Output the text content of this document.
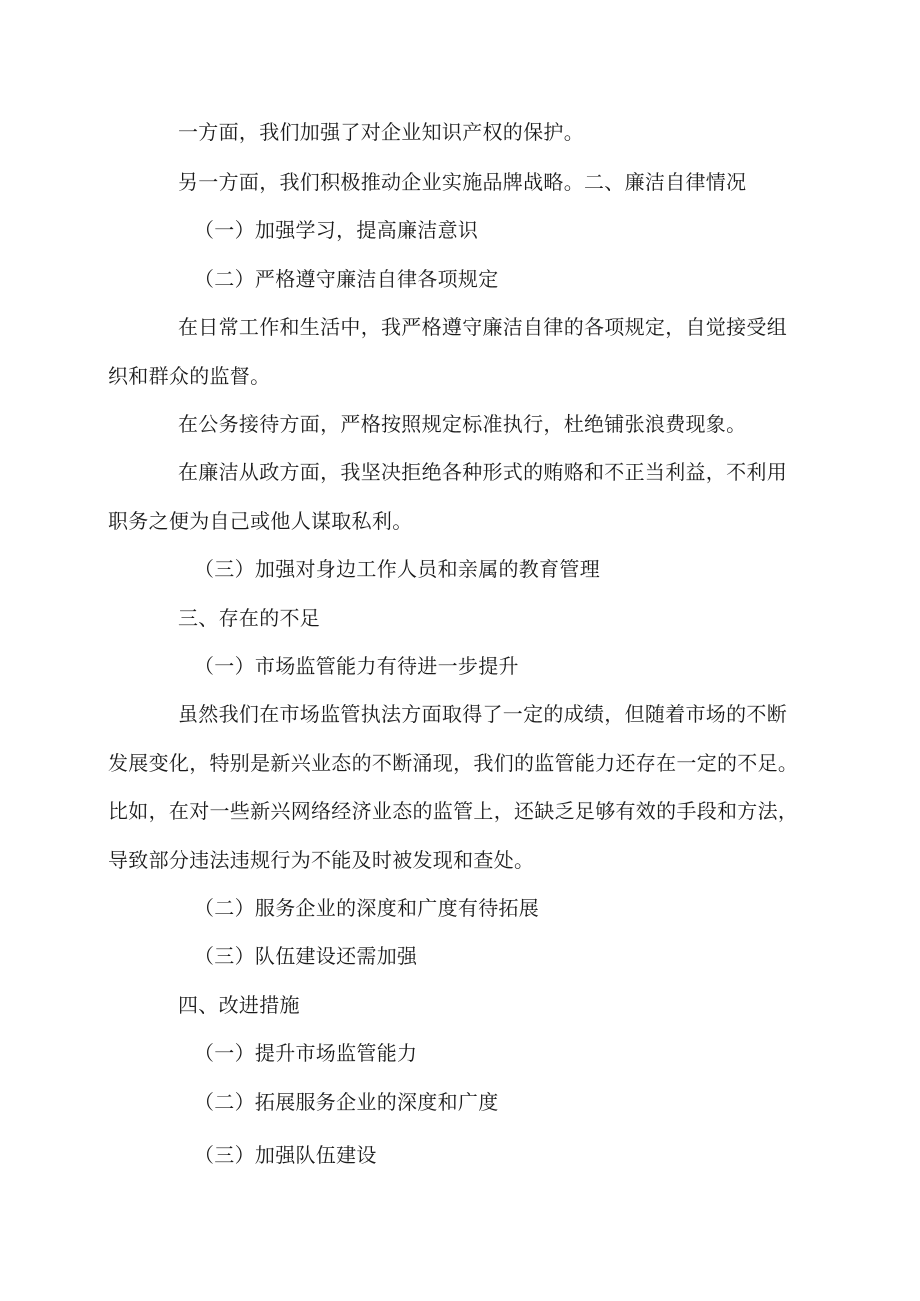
一方面，我们加强了对企业知识产权的保护。
另一方面，我们积极推动企业实施品牌战略。二、廉洁自律情况
（一）加强学习，提高廉洁意识
（二）严格遵守廉洁自律各项规定
在日常工作和生活中，我严格遵守廉洁自律的各项规定，自觉接受组
织和群众的监督。
在公务接待方面，严格按照规定标准执行，杜绝铺张浪费现象。
在廉洁从政方面，我坚决拒绝各种形式的贿赂和不正当利益，不利用
职务之便为自己或他人谋取私利。
（三）加强对身边工作人员和亲属的教育管理
三、存在的不足
（一）市场监管能力有待进一步提升
虽然我们在市场监管执法方面取得了一定的成绩，但随着市场的不断
发展变化，特别是新兴业态的不断涌现，我们的监管能力还存在一定的不足。
比如，在对一些新兴网络经济业态的监管上，还缺乏足够有效的手段和方法，
导致部分违法违规行为不能及时被发现和查处。
（二）服务企业的深度和广度有待拓展
（三）队伍建设还需加强
四、改进措施
（一）提升市场监管能力
（二）拓展服务企业的深度和广度
（三）加强队伍建设
